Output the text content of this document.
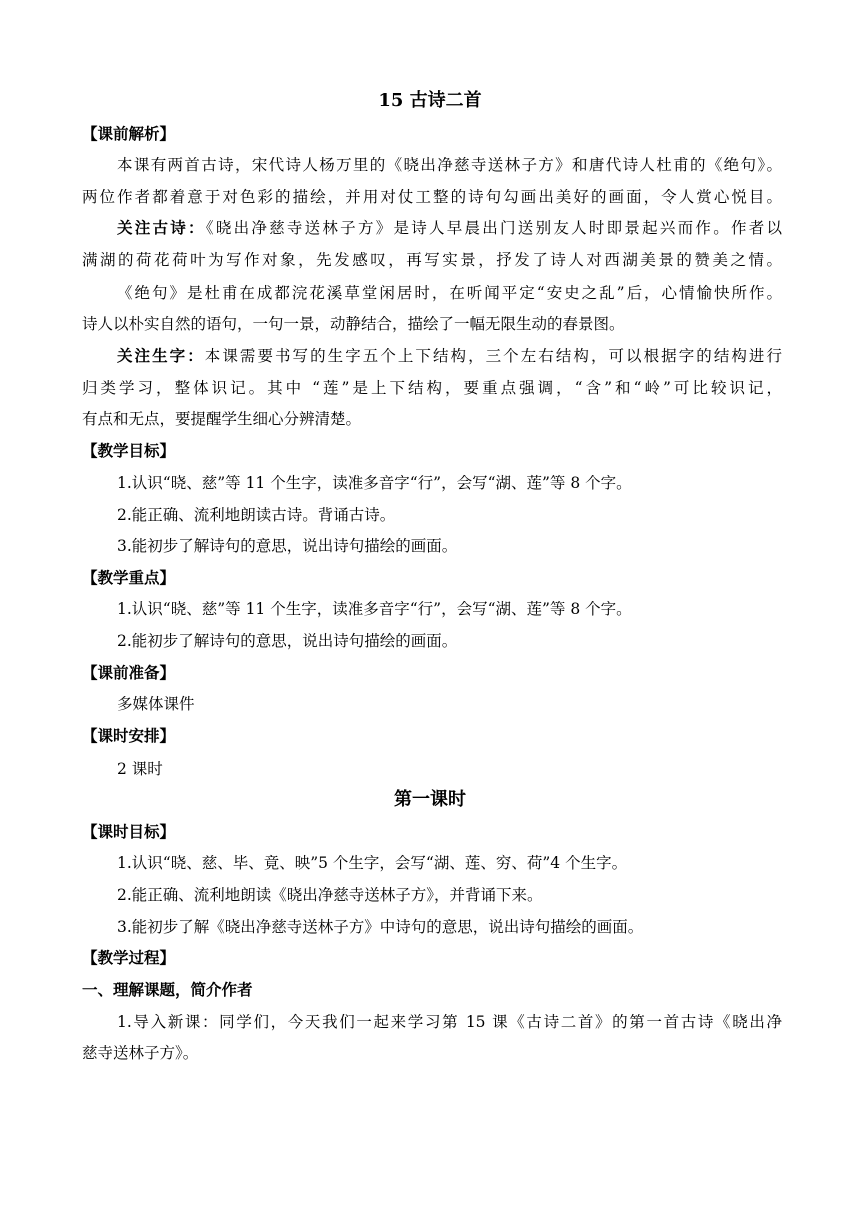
15 古诗二首
【课前解析】
本课有两首古诗，宋代诗人杨万里的《晓出净慈寺送林子方》和唐代诗人杜甫的《绝句》。
两位作者都着意于对色彩的描绘，并用对仗工整的诗句勾画出美好的画面，令人赏心悦目。
关注古诗：《晓出净慈寺送林子方》是诗人早晨出门送别友人时即景起兴而作。作者以
满湖的荷花荷叶为写作对象，先发感叹，再写实景，抒发了诗人对西湖美景的赞美之情。
《绝句》是杜甫在成都浣花溪草堂闲居时，在听闻平定“安史之乱”后，心情愉快所作。
诗人以朴实自然的语句，一句一景，动静结合，描绘了一幅无限生动的春景图。
关注生字：本课需要书写的生字五个上下结构，三个左右结构，可以根据字的结构进行
归类学习，整体识记。其中 “莲”是上下结构，要重点强调，“含”和“岭”可比较识记，
有点和无点，要提醒学生细心分辨清楚。
【教学目标】
1.认识“晓、慈”等 11 个生字，读准多音字“行”，会写“湖、莲”等 8 个字。
2.能正确、流利地朗读古诗。背诵古诗。
3.能初步了解诗句的意思，说出诗句描绘的画面。
【教学重点】
1.认识“晓、慈”等 11 个生字，读准多音字“行”，会写“湖、莲”等 8 个字。
2.能初步了解诗句的意思，说出诗句描绘的画面。
【课前准备】
多媒体课件
【课时安排】
2 课时
第一课时
【课时目标】
1.认识“晓、慈、毕、竟、映”5 个生字，会写“湖、莲、穷、荷”4 个生字。
2.能正确、流利地朗读《晓出净慈寺送林子方》，并背诵下来。
3.能初步了解《晓出净慈寺送林子方》中诗句的意思，说出诗句描绘的画面。
【教学过程】
一、理解课题，简介作者
1.导入新课：同学们，今天我们一起来学习第 15 课《古诗二首》的第一首古诗《晓出净
慈寺送林子方》。
